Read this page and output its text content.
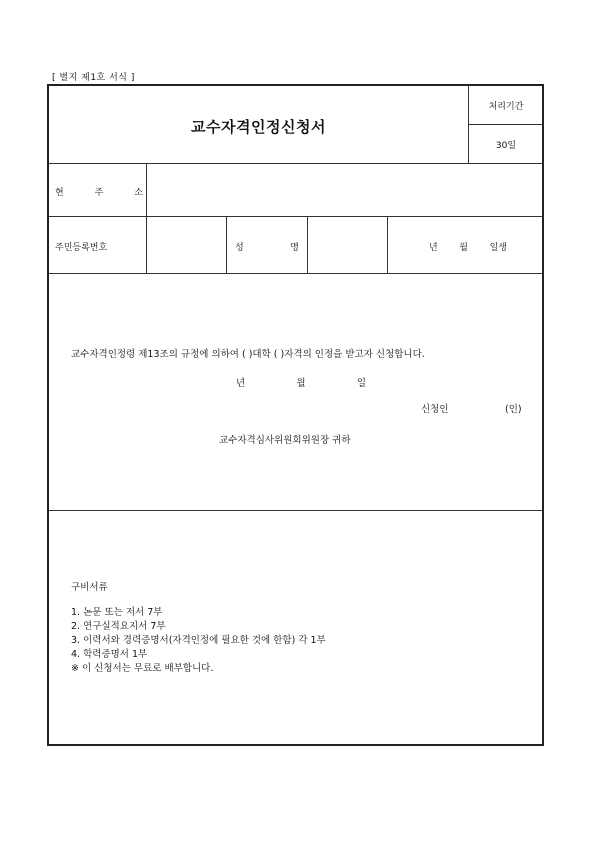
[ 별지 제1호 서식 ]
교수자격인정신청서
처리기간
30일
현 주 소
주민등록번호	성 명	년 월 일생
교수자격인정령 제13조의 규정에 의하여 ( )대학 ( )자격의 인정을 받고자 신청합니다.
년 월 일
신청인	(인)
교수자격심사위원회위원장 귀하
구비서류
1. 논문 또는 저서 7부
2. 연구실적요지서 7부
3. 이력서와 경력증명서(자격인정에 필요한 것에 한함) 각 1부
4. 학력증명서 1부
※ 이 신청서는 무료로 배부합니다.
